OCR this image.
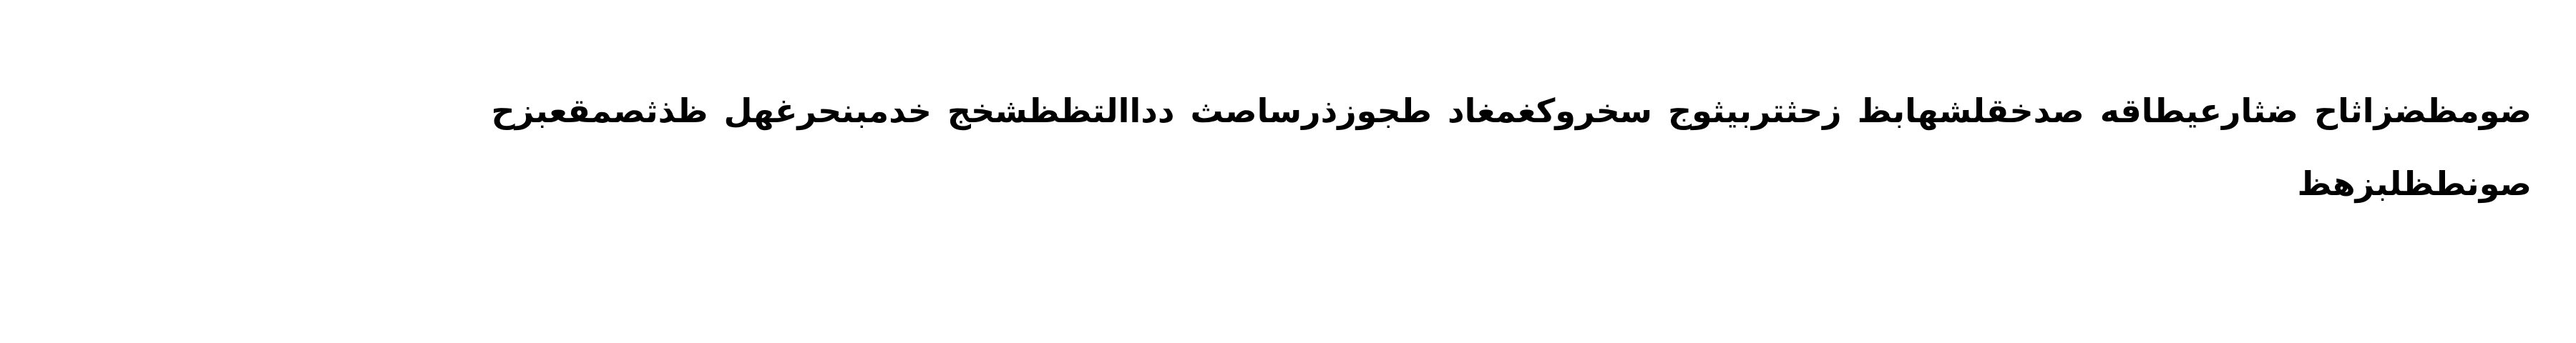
ضومظضزاثاح ضثارعيطاقه صدخقلشهابظ زحثتربيثوج سخروكغمغاد طجوزذرساصث دداالتظظشخج خدمبنحرغهل ظذثصمقعبزح
صونطظلبزهظ
